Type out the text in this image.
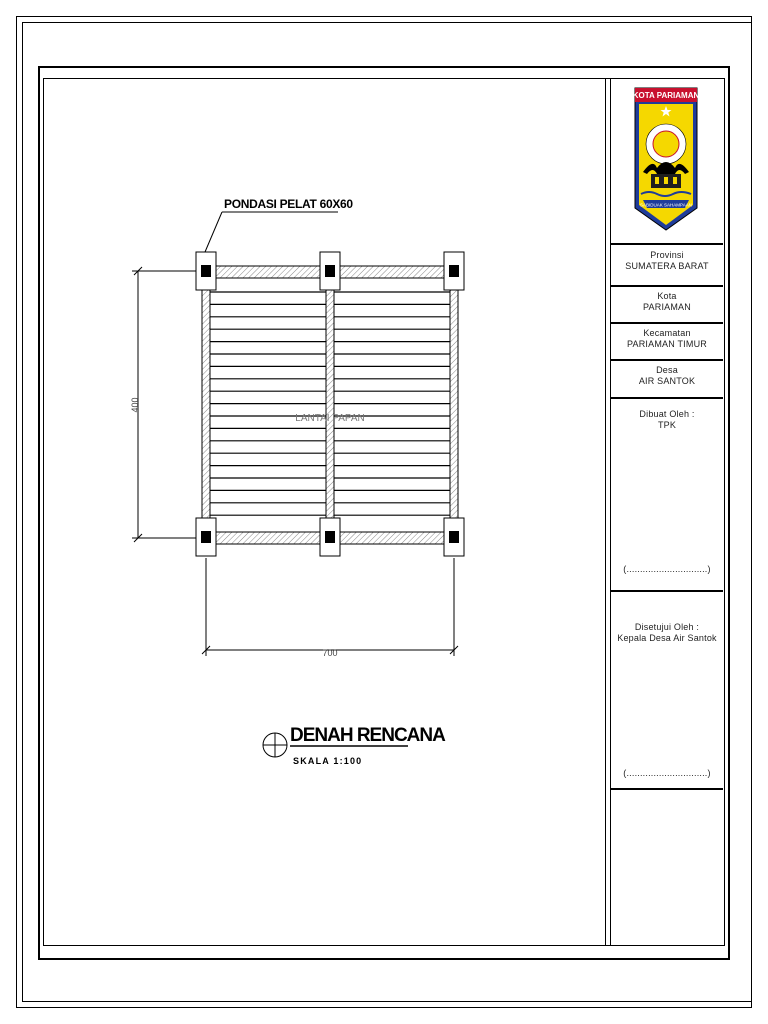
KOTA PARIAMAN
SABIDUAK SAHAMPAAN
Provinsi
SUMATERA BARAT
Kota
PARIAMAN
Kecamatan
PARIAMAN TIMUR
Desa
AIR SANTOK
Dibuat Oleh :
TPK
(..............................)
Disetujui Oleh :
Kepala Desa Air Santok
(..............................)
PONDASI PELAT 60X60
400
700
LANTAI PAPAN
DENAH RENCANA
SKALA 1:100
